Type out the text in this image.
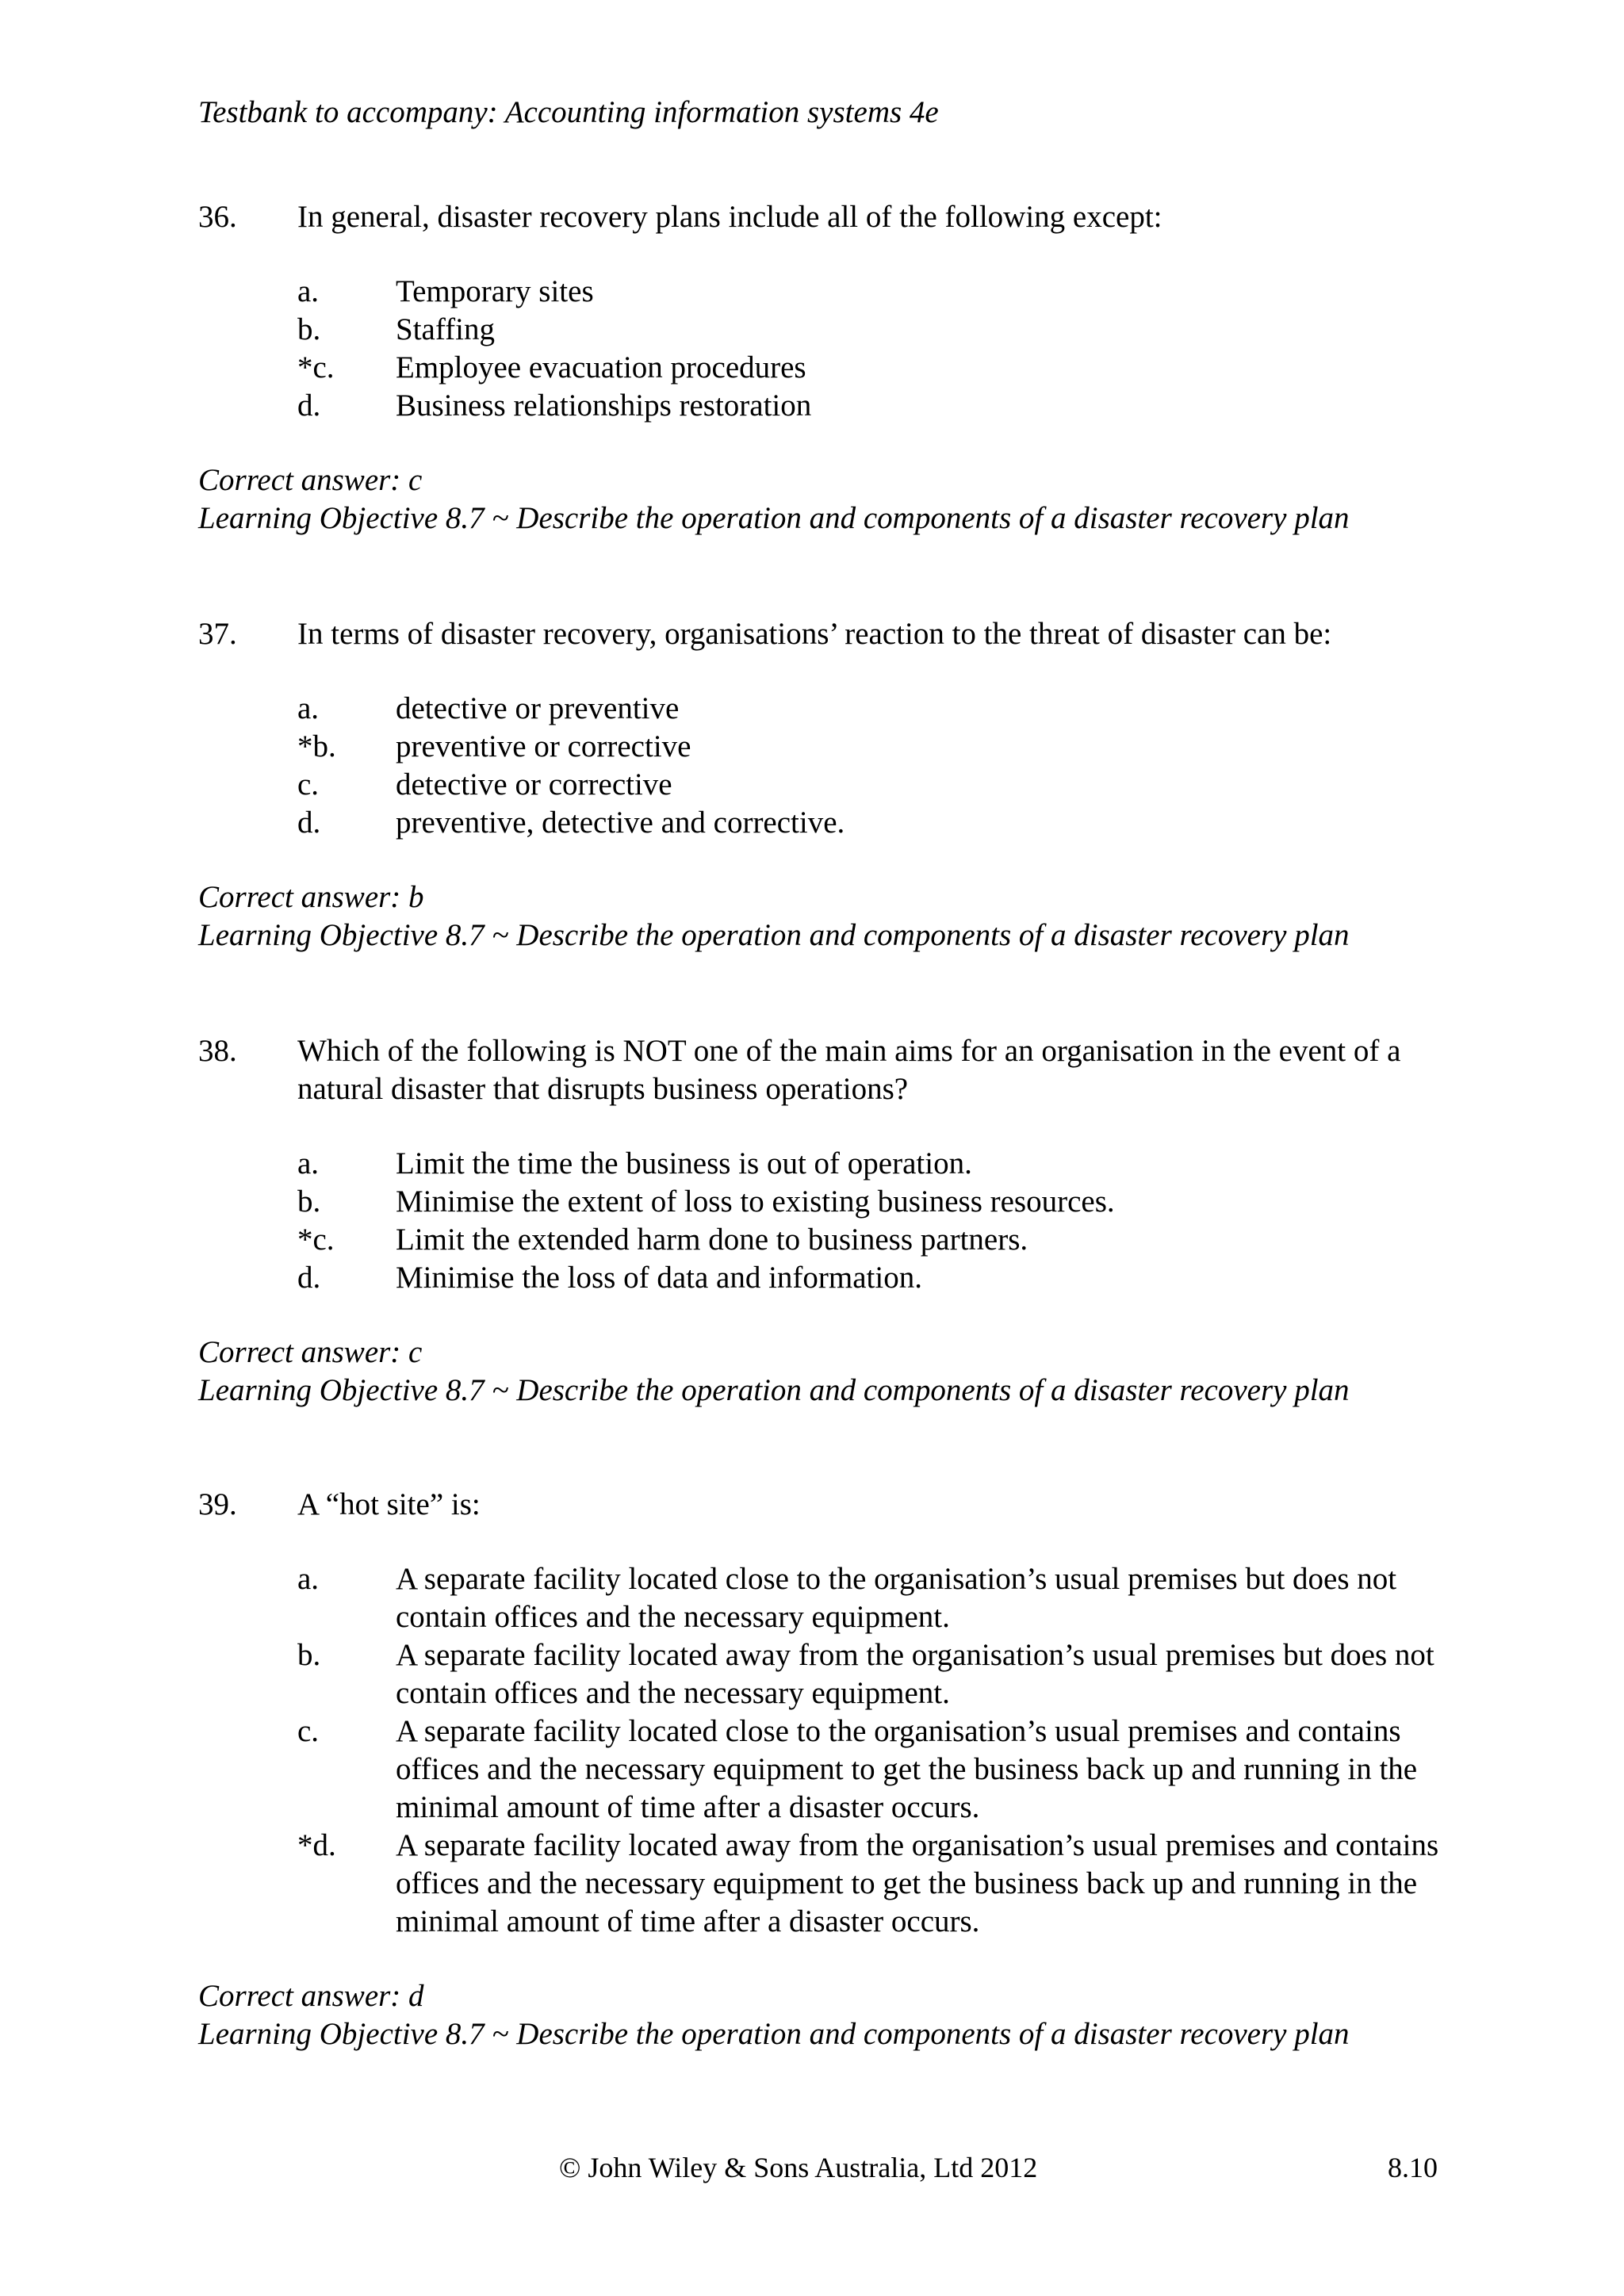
Testbank to accompany: Accounting information systems 4e
36. In general, disaster recovery plans include all of the following except:
a. Temporary sites
b. Staffing
*c. Employee evacuation procedures
d. Business relationships restoration
Correct answer: c
Learning Objective 8.7 ~ Describe the operation and components of a disaster recovery plan
37. In terms of disaster recovery, organisations’ reaction to the threat of disaster can be:
a. detective or preventive
*b. preventive or corrective
c. detective or corrective
d. preventive, detective and corrective.
Correct answer: b
Learning Objective 8.7 ~ Describe the operation and components of a disaster recovery plan
38. Which of the following is NOT one of the main aims for an organisation in the event of a natural disaster that disrupts business operations?
a. Limit the time the business is out of operation.
b. Minimise the extent of loss to existing business resources.
*c. Limit the extended harm done to business partners.
d. Minimise the loss of data and information.
Correct answer: c
Learning Objective 8.7 ~ Describe the operation and components of a disaster recovery plan
39. A “hot site” is:
a. A separate facility located close to the organisation’s usual premises but does not contain offices and the necessary equipment.
b. A separate facility located away from the organisation’s usual premises but does not contain offices and the necessary equipment.
c. A separate facility located close to the organisation’s usual premises and contains offices and the necessary equipment to get the business back up and running in the minimal amount of time after a disaster occurs.
*d. A separate facility located away from the organisation’s usual premises and contains offices and the necessary equipment to get the business back up and running in the minimal amount of time after a disaster occurs.
Correct answer: d
Learning Objective 8.7 ~ Describe the operation and components of a disaster recovery plan
© John Wiley & Sons Australia, Ltd 2012	8.10
